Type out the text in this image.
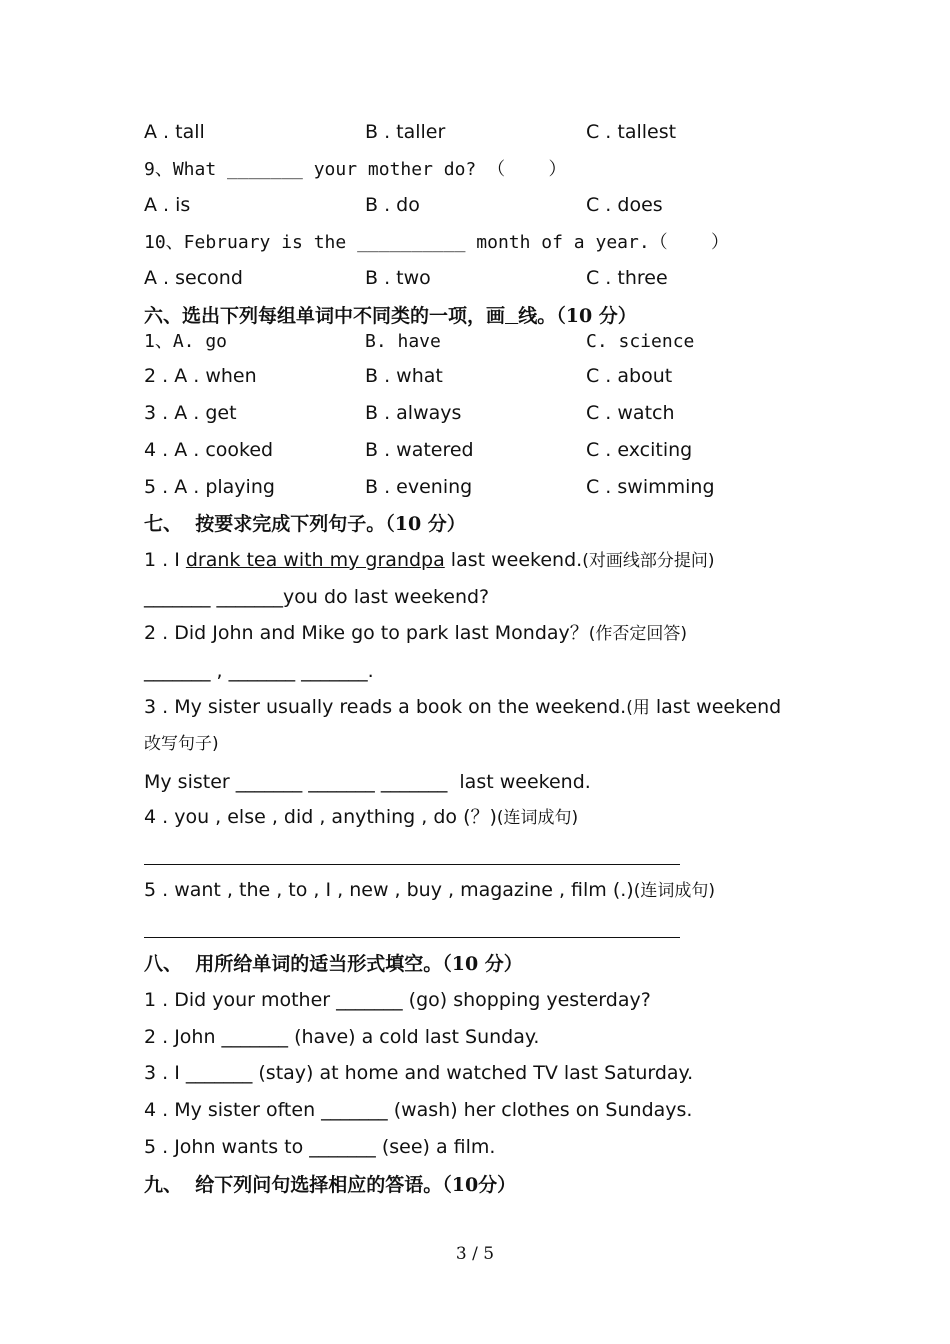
A . tall	B . taller	C . tallest
9、What _______ your mother do? （    ）
A . is	B . do	C . does
10、February is the __________ month of a year.（    ）
A . second	B . two	C . three
六、选出下列每组单词中不同类的一项，画 线。（10 分）
1、A. go	B. have	C. science
2 . A . when	B . what	C . about
3 . A . get	B . always	C . watch
4 . A . cooked	B . watered	C . exciting
5 . A . playing	B . evening	C . swimming
七、  按要求完成下列句子。（10 分）
1 . I drank tea with my grandpa last weekend.(对画线部分提问)
_______ _______you do last weekend?
2 . Did John and Mike go to park last Monday？(作否定回答)
_______ , _______ _______.
3 . My sister usually reads a book on the weekend.(用 last weekend
改写句子)
My sister _______ _______ _______  last weekend.
4 . you , else , did , anything , do (？)(连词成句)
5 . want , the , to , I , new , buy , magazine , film (.)(连词成句)
八、  用所给单词的适当形式填空。（10 分）
1 . Did your mother _______ (go) shopping yesterday?
2 . John _______ (have) a cold last Sunday.
3 . I _______ (stay) at home and watched TV last Saturday.
4 . My sister often _______ (wash) her clothes on Sundays.
5 . John wants to _______ (see) a film.
九、  给下列问句选择相应的答语。（10分）
3 / 5
